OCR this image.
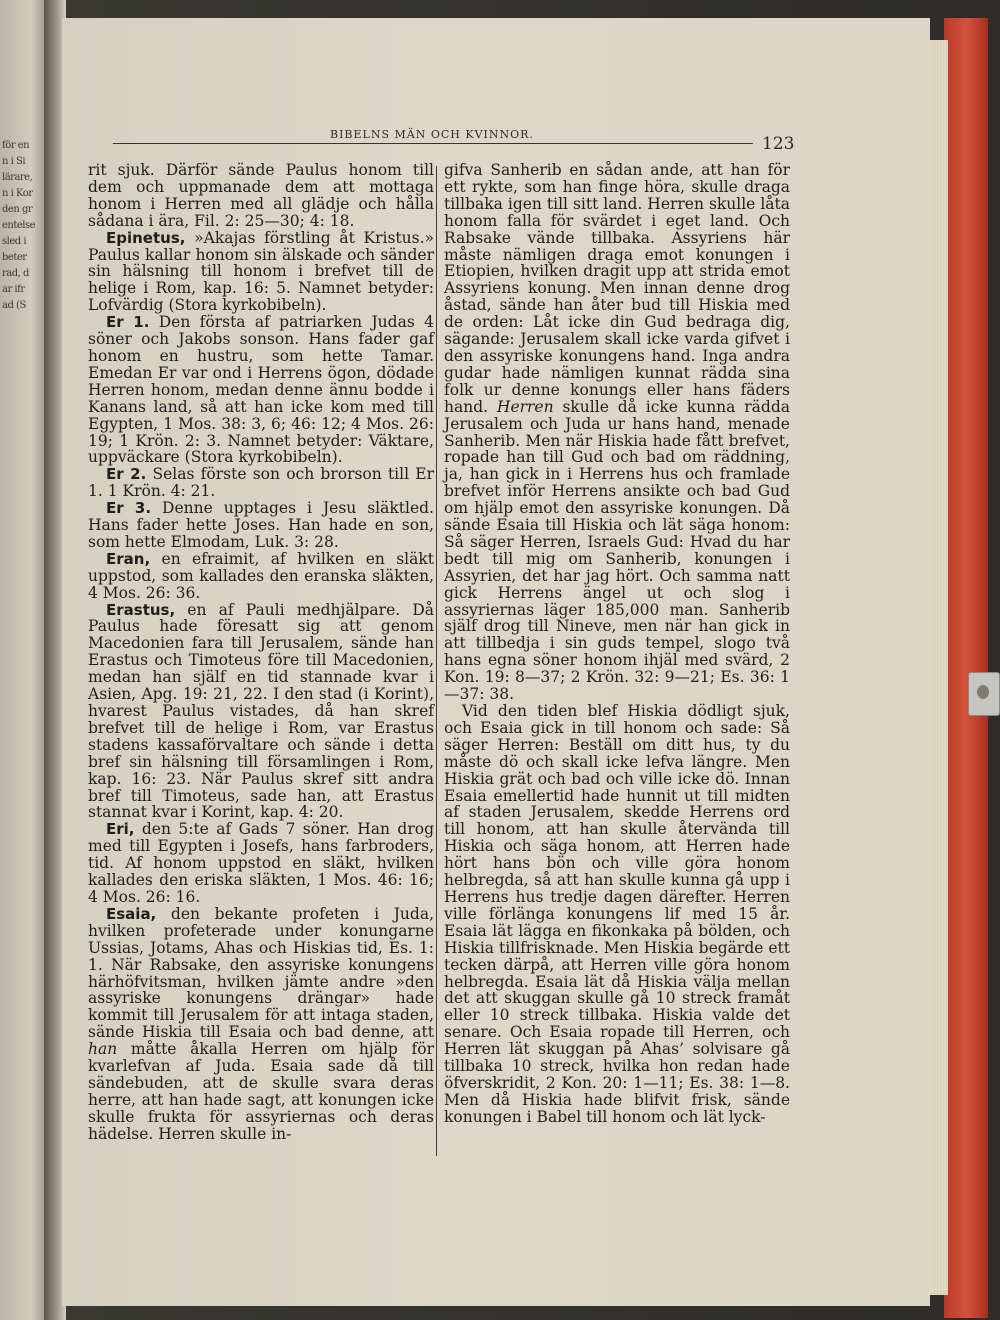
för en
n i Si
lärare,
n i Kor
den gr
entelse
sled i
beter
rad, d
ar ifr
ad (S
BIBELNS MÄN OCH KVINNOR.	123

rit sjuk. Därför sände Paulus honom till dem och uppmanade dem att mottaga honom i Herren med all glädje och hålla sådana i ära, Fil. 2: 25—30; 4: 18.

Epinetus, »Akajas förstling åt Kristus.» Paulus kallar honom sin älskade och sänder sin hälsning till honom i brefvet till de helige i Rom, kap. 16: 5. Namnet betyder: Lofvärdig (Stora kyrkobibeln).

Er 1. Den första af patriarken Judas 4 söner och Jakobs sonson. Hans fader gaf honom en hustru, som hette Tamar. Emedan Er var ond i Herrens ögon, dödade Herren honom, medan denne ännu bodde i Kanans land, så att han icke kom med till Egypten, 1 Mos. 38: 3, 6; 46: 12; 4 Mos. 26: 19; 1 Krön. 2: 3. Namnet betyder: Väktare, uppväckare (Stora kyrkobibeln).

Er 2. Selas förste son och brorson till Er 1. 1 Krön. 4: 21.

Er 3. Denne upptages i Jesu släktled. Hans fader hette Joses. Han hade en son, som hette Elmodam, Luk. 3: 28.

Eran, en efraimit, af hvilken en släkt uppstod, som kallades den eranska släkten, 4 Mos. 26: 36.

Erastus, en af Pauli medhjälpare. Då Paulus hade föresatt sig att genom Macedonien fara till Jerusalem, sände han Erastus och Timoteus före till Macedonien, medan han själf en tid stannade kvar i Asien, Apg. 19: 21, 22. I den stad (i Korint), hvarest Paulus vistades, då han skref brefvet till de helige i Rom, var Erastus stadens kassaförvaltare och sände i detta bref sin hälsning till församlingen i Rom, kap. 16: 23. När Paulus skref sitt andra bref till Timoteus, sade han, att Erastus stannat kvar i Korint, kap. 4: 20.

Eri, den 5:te af Gads 7 söner. Han drog med till Egypten i Josefs, hans farbroders, tid. Af honom uppstod en släkt, hvilken kallades den eriska släkten, 1 Mos. 46: 16; 4 Mos. 26: 16.

Esaia, den bekante profeten i Juda, hvilken profeterade under konungarne Ussias, Jotams, Ahas och Hiskias tid, Es. 1: 1. När Rabsake, den assyriske konungens härhöfvitsman, hvilken jämte andre »den assyriske konungens drängar» hade kommit till Jerusalem för att intaga staden, sände Hiskia till Esaia och bad denne, att han måtte åkalla Herren om hjälp för kvarlefvan af Juda. Esaia sade då till sändebuden, att de skulle svara deras herre, att han hade sagt, att konungen icke skulle frukta för assyriernas och deras hädelse. Herren skulle in-

gifva Sanherib en sådan ande, att han för ett rykte, som han finge höra, skulle draga tillbaka igen till sitt land. Herren skulle låta honom falla för svärdet i eget land. Och Rabsake vände tillbaka. Assyriens här måste nämligen draga emot konungen i Etiopien, hvilken dragit upp att strida emot Assyriens konung. Men innan denne drog åstad, sände han åter bud till Hiskia med de orden: Låt icke din Gud bedraga dig, sägande: Jerusalem skall icke varda gifvet i den assyriske konungens hand. Inga andra gudar hade nämligen kunnat rädda sina folk ur denne konungs eller hans fäders hand. Herren skulle då icke kunna rädda Jerusalem och Juda ur hans hand, menade Sanherib. Men när Hiskia hade fått brefvet, ropade han till Gud och bad om räddning, ja, han gick in i Herrens hus och framlade brefvet inför Herrens ansikte och bad Gud om hjälp emot den assyriske konungen. Då sände Esaia till Hiskia och lät säga honom: Så säger Herren, Israels Gud: Hvad du har bedt till mig om Sanherib, konungen i Assyrien, det har jag hört. Och samma natt gick Herrens ängel ut och slog i assyriernas läger 185,000 man. Sanherib själf drog till Nineve, men när han gick in att tillbedja i sin guds tempel, slogo två hans egna söner honom ihjäl med svärd, 2 Kon. 19: 8—37; 2 Krön. 32: 9—21; Es. 36: 1—37: 38.

Vid den tiden blef Hiskia dödligt sjuk, och Esaia gick in till honom och sade: Så säger Herren: Beställ om ditt hus, ty du måste dö och skall icke lefva längre. Men Hiskia grät och bad och ville icke dö. Innan Esaia emellertid hade hunnit ut till midten af staden Jerusalem, skedde Herrens ord till honom, att han skulle återvända till Hiskia och säga honom, att Herren hade hört hans bön och ville göra honom helbregda, så att han skulle kunna gå upp i Herrens hus tredje dagen därefter. Herren ville förlänga konungens lif med 15 år. Esaia lät lägga en fikonkaka på bölden, och Hiskia tillfrisknade. Men Hiskia begärde ett tecken därpå, att Herren ville göra honom helbregda. Esaia lät då Hiskia välja mellan det att skuggan skulle gå 10 streck framåt eller 10 streck tillbaka. Hiskia valde det senare. Och Esaia ropade till Herren, och Herren lät skuggan på Ahas’ solvisare gå tillbaka 10 streck, hvilka hon redan hade öfverskridit, 2 Kon. 20: 1—11; Es. 38: 1—8. Men då Hiskia hade blifvit frisk, sände konungen i Babel till honom och lät lyck-
